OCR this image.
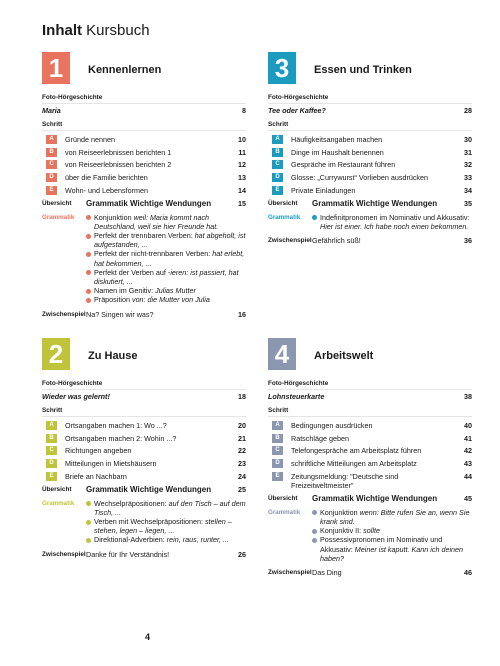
Inhalt Kursbuch
1	Kennenlernen
Foto-Hörgeschichte
Maria	8
Schritt
A	Gründe nennen	10
B	von Reiseerlebnissen berichten 1	11
C	von Reiseerlebnissen berichten 2	12
D	über die Familie berichten	13
E	Wohn- und Lebensformen	14
Übersicht	Grammatik Wichtige Wendungen	15
Grammatik	Konjunktion weil: Maria kommt nach Deutschland, weil sie hier Freunde hat.
Perfekt der trennbaren Verben: hat abgeholt, ist aufgestanden, ...
Perfekt der nicht-trennbaren Verben: hat erlebt, hat bekommen, ...
Perfekt der Verben auf -ieren: ist passiert, hat diskutiert, ...
Namen im Genitiv: Julias Mutter
Präposition von: die Mutter von Julia
Zwischenspiel Na? Singen wir was?	16
3	Essen und Trinken
Foto-Hörgeschichte
Tee oder Kaffee?	28
Schritt
A	Häufigkeitsangaben machen	30
B	Dinge im Haushalt benennen	31
C	Gespräche im Restaurant führen	32
D	Glosse: „Currywurst“ Vorlieben ausdrücken	33
E	Private Einladungen	34
Übersicht	Grammatik Wichtige Wendungen	35
Grammatik	Indefinitpronomen im Nominativ und Akkusativ: Hier ist einer. Ich habe noch einen bekommen.
Zwischenspiel Gefährlich süß!	36
2	Zu Hause
Foto-Hörgeschichte
Wieder was gelernt!	18
Schritt
A	Ortsangaben machen 1: Wo ...?	20
B	Ortsangaben machen 2: Wohin ...?	21
C	Richtungen angeben	22
D	Mitteilungen in Mietshäusern	23
E	Briefe an Nachbarn	24
Übersicht	Grammatik Wichtige Wendungen	25
Grammatik	Wechselpräpositionen: auf den Tisch – auf dem Tisch, ...
Verben mit Wechselpräpositionen: stellen – stehen, legen – liegen, ...
Direktional-Adverbien: rein, raus, runter, ...
Zwischenspiel Danke für Ihr Verständnis!	26
4	Arbeitswelt
Foto-Hörgeschichte
Lohnsteuerkarte	38
Schritt
A	Bedingungen ausdrücken	40
B	Ratschläge geben	41
C	Telefongespräche am Arbeitsplatz führen	42
D	schriftliche Mitteilungen am Arbeitsplatz	43
E	Zeitungsmeldung: "Deutsche sind Freizeitweltmeister"
44
Übersicht	Grammatik Wichtige Wendungen	45
Grammatik	Konjunktion wenn: Bitte rufen Sie an, wenn Sie krank sind.
Konjunktiv II: sollte
Possessivpronomen im Nominativ und Akkusativ: Meiner ist kaputt. Kann ich deinen haben?
Zwischenspiel Das Ding	46
4
